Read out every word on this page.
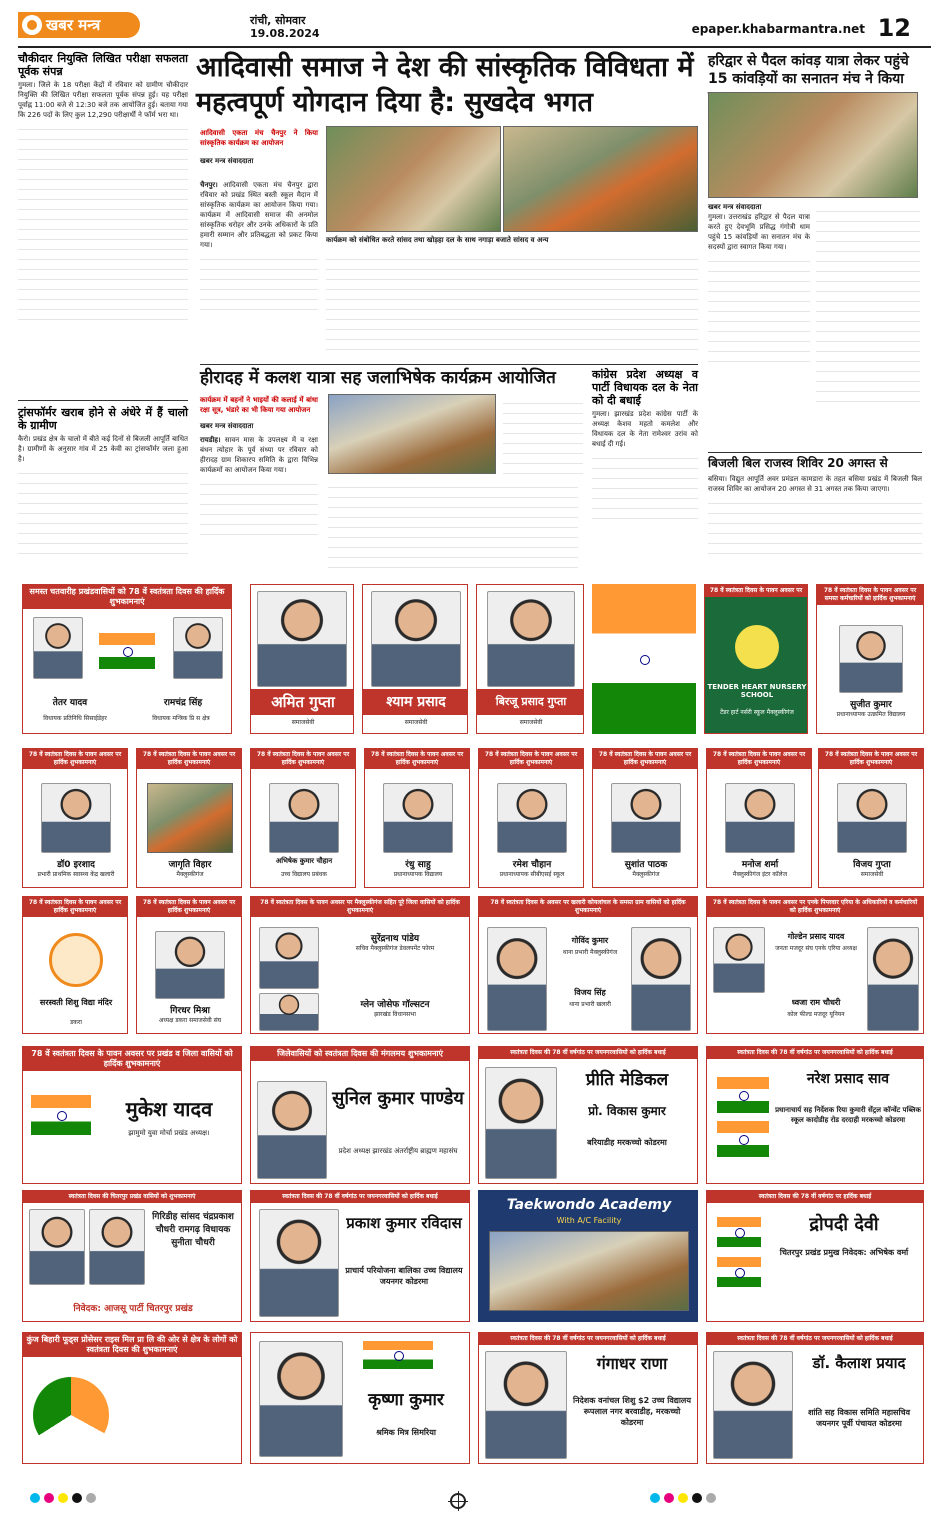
खबर मन्त्र	रांची, सोमवार
19.08.2024	epaper.khabarmantra.net 12
चौकीदार नियुक्ति लिखित परीक्षा सफलता पूर्वक संपन्न

गुमला। जिले के 18 परीक्षा केंद्रों में रविवार को ग्रामीण चौकीदार नियुक्ति की लिखित परीक्षा सफलता पूर्वक संपन्न हुई। यह परीक्षा पूर्वाह्न 11:00 बजे से 12:30 बजे तक आयोजित हुई। बताया गया कि 226 पदों के लिए कुल 12,290 परीक्षार्थी ने फॉर्म भरा था।

ट्रांसफॉर्मर खराब होने से अंधेरे में हैं चालो के ग्रामीण

कैरो। प्रखंड क्षेत्र के चालो में बीते कई दिनों से बिजली आपूर्ति बाधित है। ग्रामीणों के अनुसार गांव में 25 केवी का ट्रांसफॉर्मर जला हुआ है।

आदिवासी समाज ने देश की सांस्कृतिक विविधता में महत्वपूर्ण योगदान दिया है: सुखदेव भगत

आदिवासी एकता मंच चैनपुर ने किया सांस्कृतिक कार्यक्रम का आयोजन

खबर मन्त्र संवाददाता

कार्यक्रम को संबोधित करते सांसद तथा खोड़हा दल के साथ नगाड़ा बजाते सांसद व अन्य

चैनपुर। आदिवासी एकता मंच चैनपुर द्वारा रविवार को प्रखंड स्थित बस्ती स्कूल मैदान में सांस्कृतिक कार्यक्रम का आयोजन किया गया। कार्यक्रम में आदिवासी समाज की अनमोल सांस्कृतिक धरोहर और उनके अधिकारों के प्रति हमारी सम्मान और प्रतिबद्धता को प्रकट किया गया।

हीरादह में कलश यात्रा सह जलाभिषेक कार्यक्रम आयोजित

कार्यक्रम में बहनों ने भाइयों की कलाई में बांधा रक्षा सूत्र, भंडारे का भी किया गया आयोजन

खबर मन्त्र संवाददाता

रायडीह। सावन मास के उपलक्ष्य में व रक्षा बंधन त्योहार के पूर्व संध्या पर रविवार को हीरादह ग्राम शिकारप समिति के द्वारा विभिन्न कार्यक्रमों का आयोजन किया गया।

कांग्रेस प्रदेश अध्यक्ष व पार्टी विधायक दल के नेता को दी बधाई

गुमला। झारखंड प्रदेश कांग्रेस पार्टी के अध्यक्ष केशव महतो कमलेश और विधायक दल के नेता रामेश्वर उरांव को बधाई दी गई।

हरिद्वार से पैदल कांवड़ यात्रा लेकर पहुंचे 15 कांवड़ियों का सनातन मंच ने किया

खबर मन्त्र संवाददाता

गुमला। उत्तराखंड हरिद्वार से पैदल यात्रा करते हुए देवभूमि प्रसिद्ध गंगोत्री धाम पहुंचे 15 कांवड़ियों का सनातन मंच के सदस्यों द्वारा स्वागत किया गया।

बिजली बिल राजस्व शिविर 20 अगस्त से

बसिया। विद्युत आपूर्ति अवर प्रमंडल कामडारा के तहत बसिया प्रखंड में बिजली बिल राजस्व शिविर का आयोजन 20 अगस्त से 31 अगस्त तक किया जाएगा।

समस्त चतवारीह प्रखंडवासियों को 78 वें स्वतंत्रता दिवस की हार्दिक शुभकामनाएं
तेतर यादव	रामचंद्र सिंह
विधायक प्रतिनिधि सिसाईडेहर	विधायक मन्त्रिक प्रि स क्षेत्र
अमित गुप्ता
समाजसेवी
श्याम प्रसाद
समाजसेवी
बिरजू प्रसाद गुप्ता
समाजसेवी
78 वें स्वतंत्रता दिवस के पावन अवसर पर
TENDER HEART NURSERY SCHOOL
टेंडर हार्ट नर्सरी स्कूल मैक्लुस्कीगंज
78 वें स्वतंत्रता दिवस के पावन अवसर पर समस्त कर्मचारियों को हार्दिक शुभकामनाएं
सुजीत कुमार
प्रधानाध्यापक उत्क्रमित विद्यालय
78 वें स्वतंत्रता दिवस के पावन अवसर पर हार्दिक शुभकामनाएं
डॉ0 इरशाद
प्रभारी प्राथमिक स्वास्थ्य केंद्र खलारी
78 वें स्वतंत्रता दिवस के पावन अवसर पर हार्दिक शुभकामनाएं
जागृति विहार
मैक्लुस्कीगंज
78 वें स्वतंत्रता दिवस के पावन अवसर पर हार्दिक शुभकामनाएं
अभिषेक कुमार चौहान
उच्च विद्यालय प्रबंधक
78 वें स्वतंत्रता दिवस के पावन अवसर पर हार्दिक शुभकामनाएं
रंधु साहु
प्रधानाध्यापक विद्यालय
78 वें स्वतंत्रता दिवस के पावन अवसर पर हार्दिक शुभकामनाएं
रमेश चौहान
प्रधानाध्यापक सीबीएसई स्कूल
78 वें स्वतंत्रता दिवस के पावन अवसर पर हार्दिक शुभकामनाएं
सुशांत पाठक
मैक्लुस्कीगंज
78 वें स्वतंत्रता दिवस के पावन अवसर पर हार्दिक शुभकामनाएं
मनोज शर्मा
मैक्लुस्कीगंज इंटर कॉलेज
78 वें स्वतंत्रता दिवस के पावन अवसर पर हार्दिक शुभकामनाएं
विजय गुप्ता
समाजसेवी
78 वें स्वतंत्रता दिवस के पावन अवसर पर हार्दिक शुभकामनाएं
सरस्वती शिशु विद्या मंदिर
डकरा
78 वें स्वतंत्रता दिवस के पावन अवसर पर हार्दिक शुभकामनाएं
गिरधर मिश्रा
अध्यक्ष डकरा समाजसेवी संघ
78 वें स्वतंत्रता दिवस के पावन अवसर पर मैक्लुस्कीगंज सहित पूरे जिला वासियों को हार्दिक शुभकामनाएं
सुरेंद्रनाथ पांडेय
सचिव मैक्लुस्कीगंज डेवलपमेंट फोरम
ग्लेन जोसेफ गॉल्सटन
झारखंड विधानसभा
78 वें स्वतंत्रता दिवस के अवसर पर खलारी कोयलांचल के समस्त ग्राम वासियों को हार्दिक शुभकामनाएं
गोविंद कुमार
थाना प्रभारी मैक्लुस्कीगंज
विजय सिंह
थाना प्रभारी खलारी
78 वें स्वतंत्रता दिवस के पावन अवसर पर एनके पिपरवार एरिया के अधिकारियों व कर्मचारियों को हार्दिक शुभकामनाएं
गोल्डेन प्रसाद यादव
जनता मजदूर संघ एनके एरिया अध्यक्ष
ध्वजा राम चौधरी
कोल फील्ड मजदूर यूनियन
78 वें स्वतंत्रता दिवस के पावन अवसर पर प्रखंड व जिला वासियों को हार्दिक शुभकामनाएं
मुकेश यादव
झामुमो युवा मोर्चा प्रखंड अध्यक्ष।
जिलेवासियों को स्वतंत्रता दिवस की मंगलमय शुभकामनाएं
सुनिल कुमार पाण्डेय
प्रदेश अध्यक्ष झारखंड अंतर्राष्ट्रीय ब्राह्मण महासंघ
स्वतंत्रता दिवस की 78 वीं वर्षगांठ पर जयनगरवासियों को हार्दिक बधाई
प्रीति मेडिकल
प्रो. विकास कुमार
बरियाडीह मरकच्चो कोडरमा
स्वतंत्रता दिवस की 78 वीं वर्षगांठ पर जयनगरवासियों को हार्दिक बधाई
नरेश प्रसाद साव
प्रधानाचार्य सह निर्देशक रिया कुमारी सेंट्रल कॉन्वेंट पब्लिक स्कूल कादोडीह रोड दरदाही मरकच्चो कोडरमा
स्वतंत्रता दिवस की चितरपुर प्रखंड वासियों को शुभकामनाएं
गिरिडीह सांसद चंद्रप्रकाश चौधरी रामगढ़ विधायक सुनीता चौधरी
निवेदक: आजसू पार्टी चितरपुर प्रखंड
स्वतंत्रता दिवस की 78 वीं वर्षगांठ पर जयनगरवासियों को हार्दिक बधाई
प्रकाश कुमार रविदास
प्राचार्य परियोजना बालिका उच्च विद्यालय जयनगर कोडरमा
Taekwondo Academy
With A/C Facility
स्वतंत्रता दिवस की 78 वीं वर्षगांठ पर हार्दिक बधाई
द्रोपदी देवी
चितरपुर प्रखंड प्रमुख निवेदक: अभिषेक वर्मा
कुंज बिहारी फूड्स प्रोसेसर राइस मिल प्रा लि की ओर से क्षेत्र के लोगों को स्वतंत्रता दिवस की शुभकामनाएं
कृष्णा कुमार
श्रमिक मित्र सिमरिया
स्वतंत्रता दिवस की 78 वीं वर्षगांठ पर जयनगरवासियों को हार्दिक बधाई
गंगाधर राणा
निदेशक वनांचल शिशु $2 उच्च विद्यालय रूपलाल नगर बरवाडीह, मरकच्चो कोडरमा
स्वतंत्रता दिवस की 78 वीं वर्षगांठ पर जयनगरवासियों को हार्दिक बधाई
डॉ. कैलाश प्रयाद
शांति सह विकास समिति महासचिव जयनगर पूर्वी पंचायत कोडरमा
